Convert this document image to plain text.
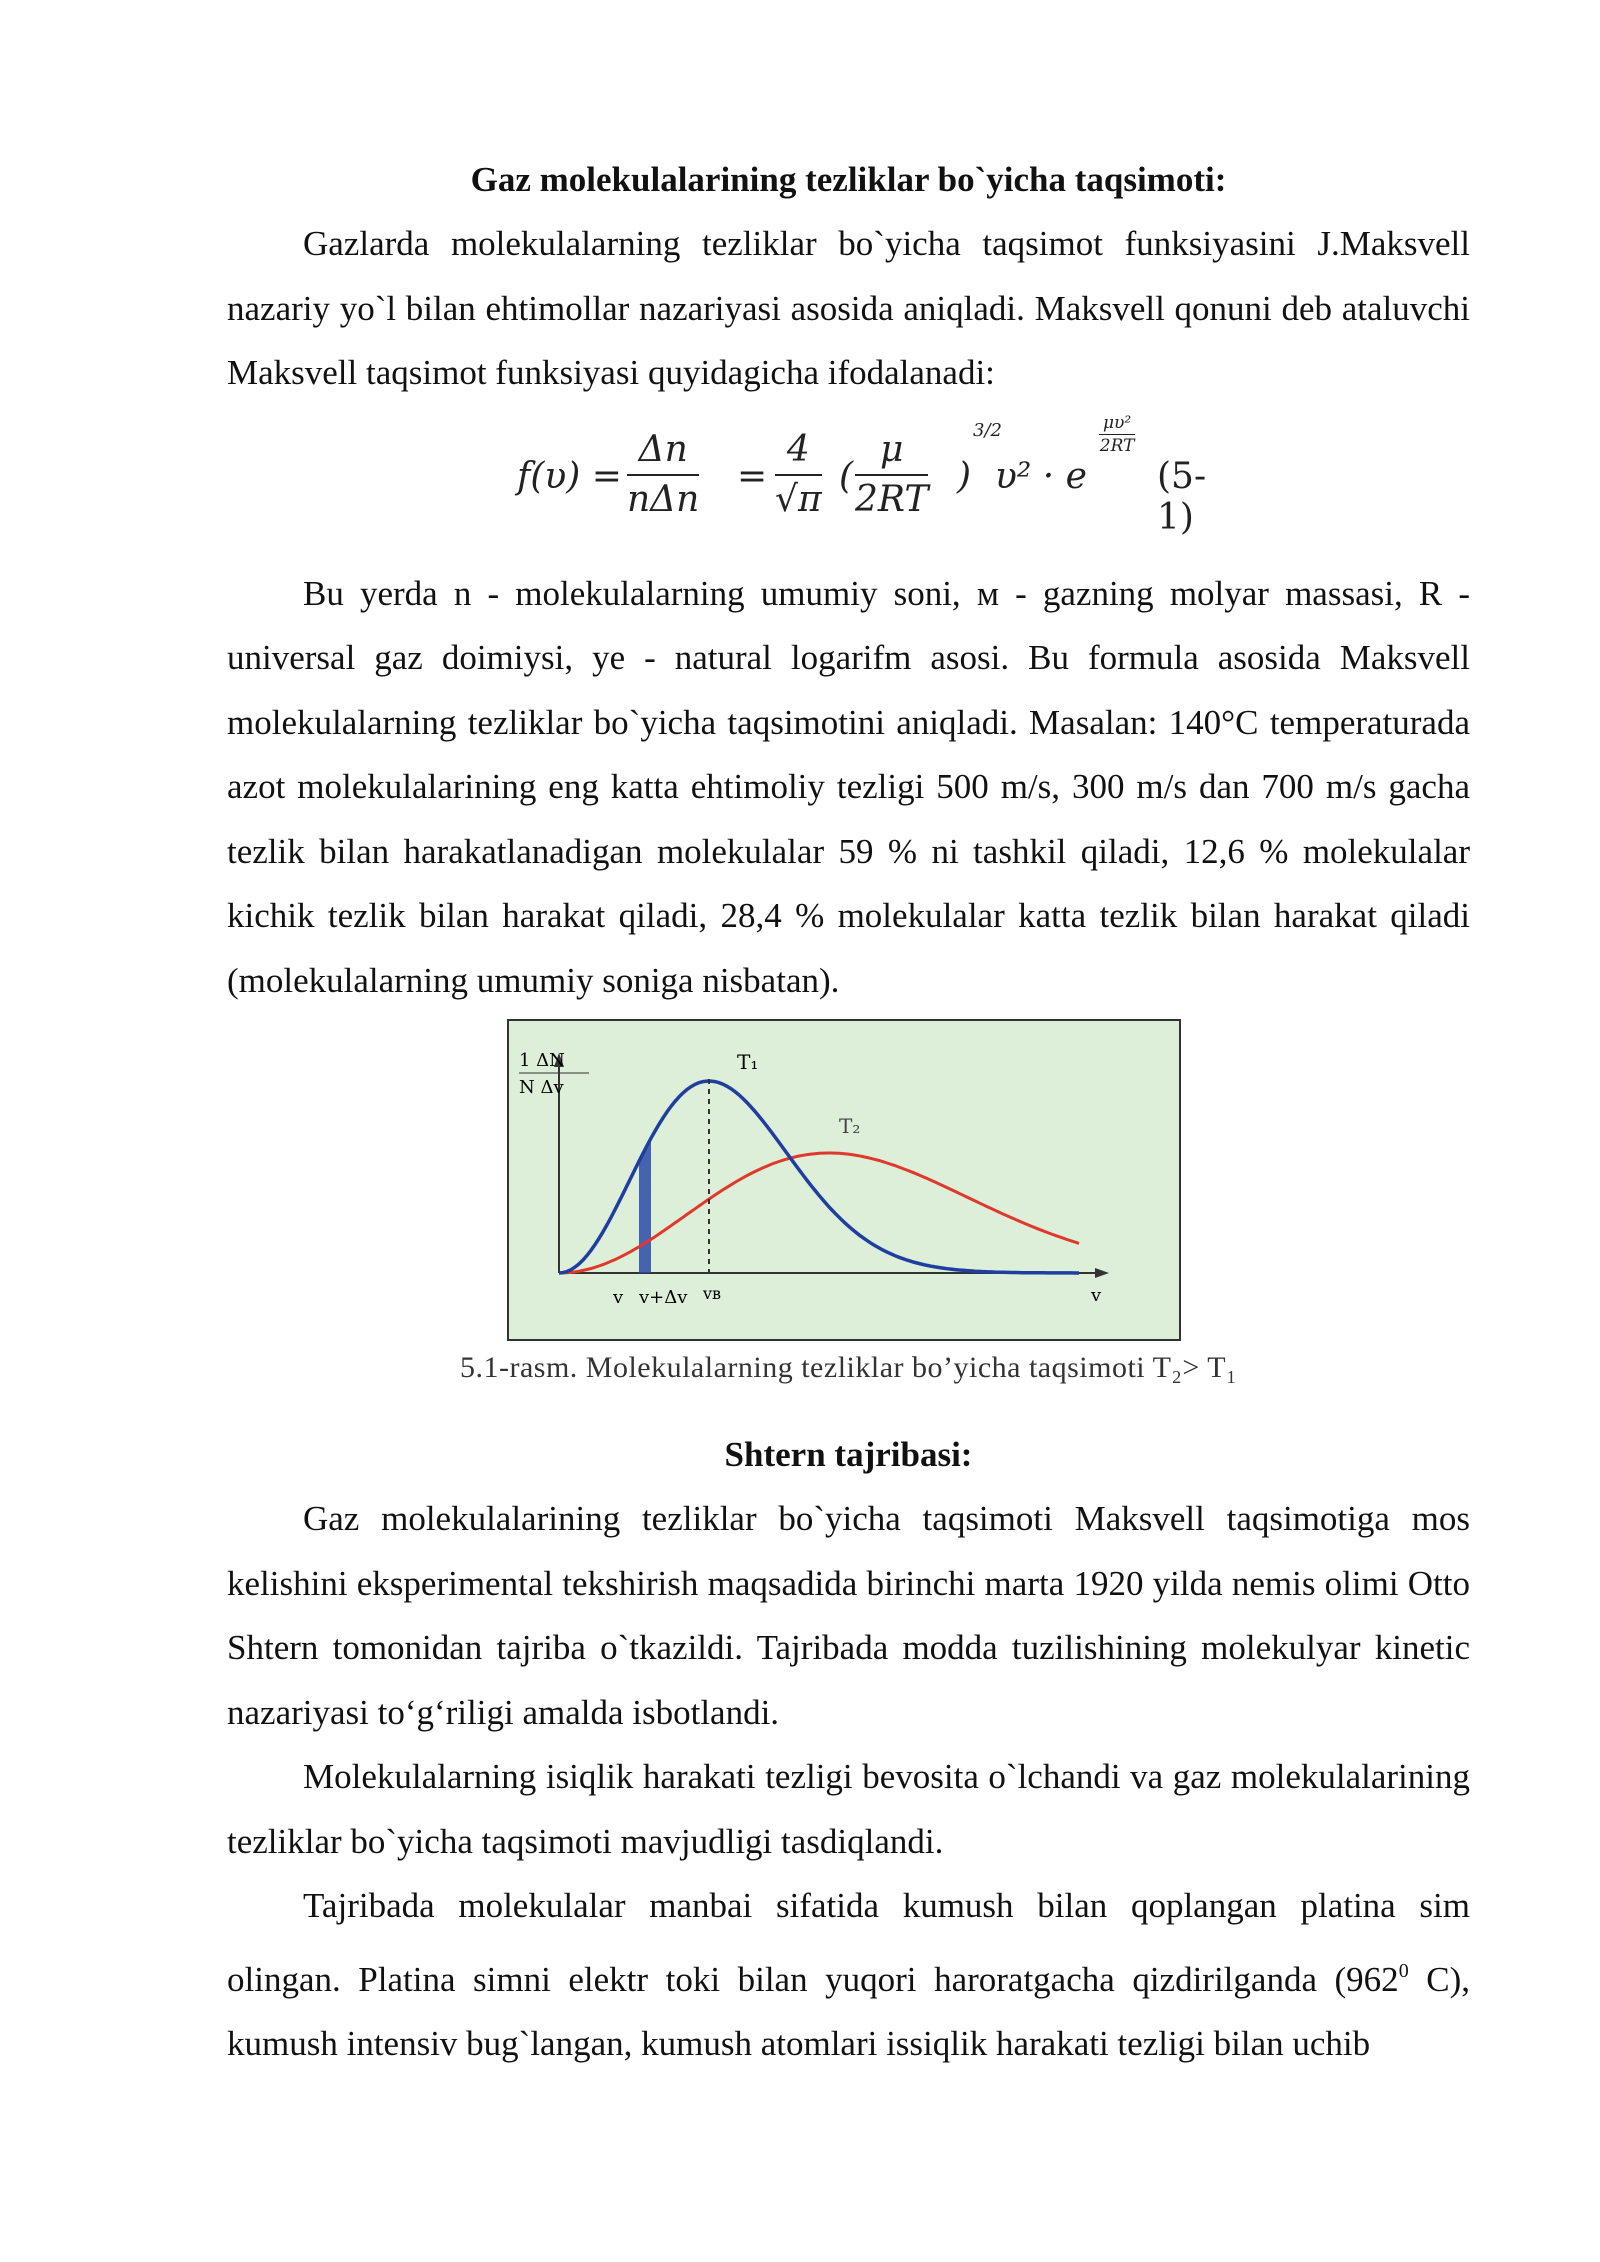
Gaz molekulalarining tezliklar bo`yicha taqsimoti:

Gazlarda molekulalarning tezliklar bo`yicha taqsimot funksiyasini J.Maksvell nazariy yo`l bilan ehtimollar nazariyasi asosida aniqladi. Maksvell qonuni deb ataluvchi Maksvell taqsimot funksiyasi quyidagicha ifodalanadi:

f(υ) =
Δn
nΔn
= $\frac{4}{√\pi}$ ( $\frac{\mu}{2RT}$ )
3/2
υ² · e
$\frac{\text{μυ²}}{2RT}$
(5-1)

Bu yerda n - molekulalarning umumiy soni, м - gazning molyar massasi, R -universal gaz doimiysi, ye - natural logarifm asosi. Bu formula asosida Maksvell molekulalarning tezliklar bo`yicha taqsimotini aniqladi. Masalan: 140°C temperaturada azot molekulalarining eng katta ehtimoliy tezligi 500 m/s, 300 m/s dan 700 m/s gacha tezlik bilan harakatlanadigan molekulalar 59 % ni tashkil qiladi, 12,6 % molekulalar kichik tezlik bilan harakat qiladi, 28,4 % molekulalar katta tezlik bilan harakat qiladi (molekulalarning umumiy soniga nisbatan).

1 ΔN
N Δv
T₁
T₂
v v+Δv vв	v
5.1-rasm. Molekulalarning tezliklar bo’yicha taqsimoti T₂> T₁
Shtern tajribasi:

Gaz molekulalarining tezliklar bo`yicha taqsimoti Maksvell taqsimotiga mos kelishini eksperimental tekshirish maqsadida birinchi marta 1920 yilda nemis olimi Otto Shtern tomonidan tajriba o`tkazildi. Tajribada modda tuzilishining molekulyar kinetic nazariyasi to‘g‘riligi amalda isbotlandi.

Molekulalarning isiqlik harakati tezligi bevosita o`lchandi va gaz molekulalarining tezliklar bo`yicha taqsimoti mavjudligi tasdiqlandi.

Tajribada molekulalar manbai sifatida kumush bilan qoplangan platina sim olingan. Platina simni elektr toki bilan yuqori haroratgacha qizdirilganda ($962^0$ C), kumush intensiv bug`langan, kumush atomlari issiqlik harakati tezligi bilan uchib
